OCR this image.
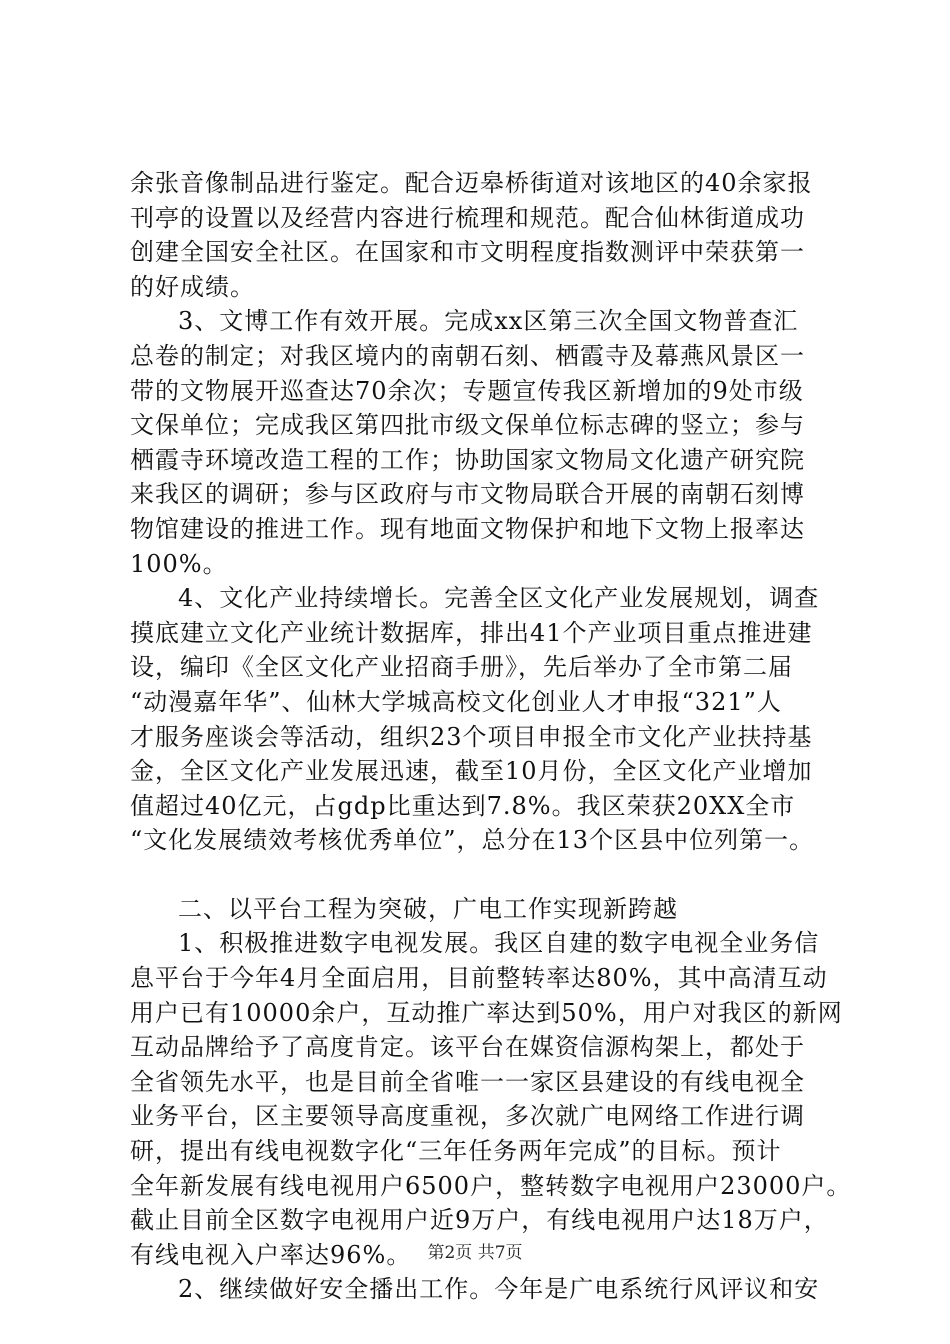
余张音像制品进行鉴定。配合迈皋桥街道对该地区的40余家报
刊亭的设置以及经营内容进行梳理和规范。配合仙林街道成功
创建全国安全社区。在国家和市文明程度指数测评中荣获第一
的好成绩。
3、文博工作有效开展。完成xx区第三次全国文物普查汇
总卷的制定；对我区境内的南朝石刻、栖霞寺及幕燕风景区一
带的文物展开巡查达70余次；专题宣传我区新增加的9处市级
文保单位；完成我区第四批市级文保单位标志碑的竖立；参与
栖霞寺环境改造工程的工作；协助国家文物局文化遗产研究院
来我区的调研；参与区政府与市文物局联合开展的南朝石刻博
物馆建设的推进工作。现有地面文物保护和地下文物上报率达
100%。
4、文化产业持续增长。完善全区文化产业发展规划，调查
摸底建立文化产业统计数据库，排出41个产业项目重点推进建
设，编印《全区文化产业招商手册》，先后举办了全市第二届
“动漫嘉年华”、仙林大学城高校文化创业人才申报“321”人
才服务座谈会等活动，组织23个项目申报全市文化产业扶持基
金，全区文化产业发展迅速，截至10月份，全区文化产业增加
值超过40亿元，占gdp比重达到7.8%。我区荣获20XX全市
“文化发展绩效考核优秀单位”，总分在13个区县中位列第一。
二、以平台工程为突破，广电工作实现新跨越
1、积极推进数字电视发展。我区自建的数字电视全业务信
息平台于今年4月全面启用，目前整转率达80%，其中高清互动
用户已有10000余户，互动推广率达到50%，用户对我区的新网
互动品牌给予了高度肯定。该平台在媒资信源构架上，都处于
全省领先水平，也是目前全省唯一一家区县建设的有线电视全
业务平台，区主要领导高度重视，多次就广电网络工作进行调
研，提出有线电视数字化“三年任务两年完成”的目标。预计
全年新发展有线电视用户6500户，整转数字电视用户23000户。
截止目前全区数字电视用户近9万户，有线电视用户达18万户，
有线电视入户率达96%。
2、继续做好安全播出工作。今年是广电系统行风评议和安
第2页 共7页
